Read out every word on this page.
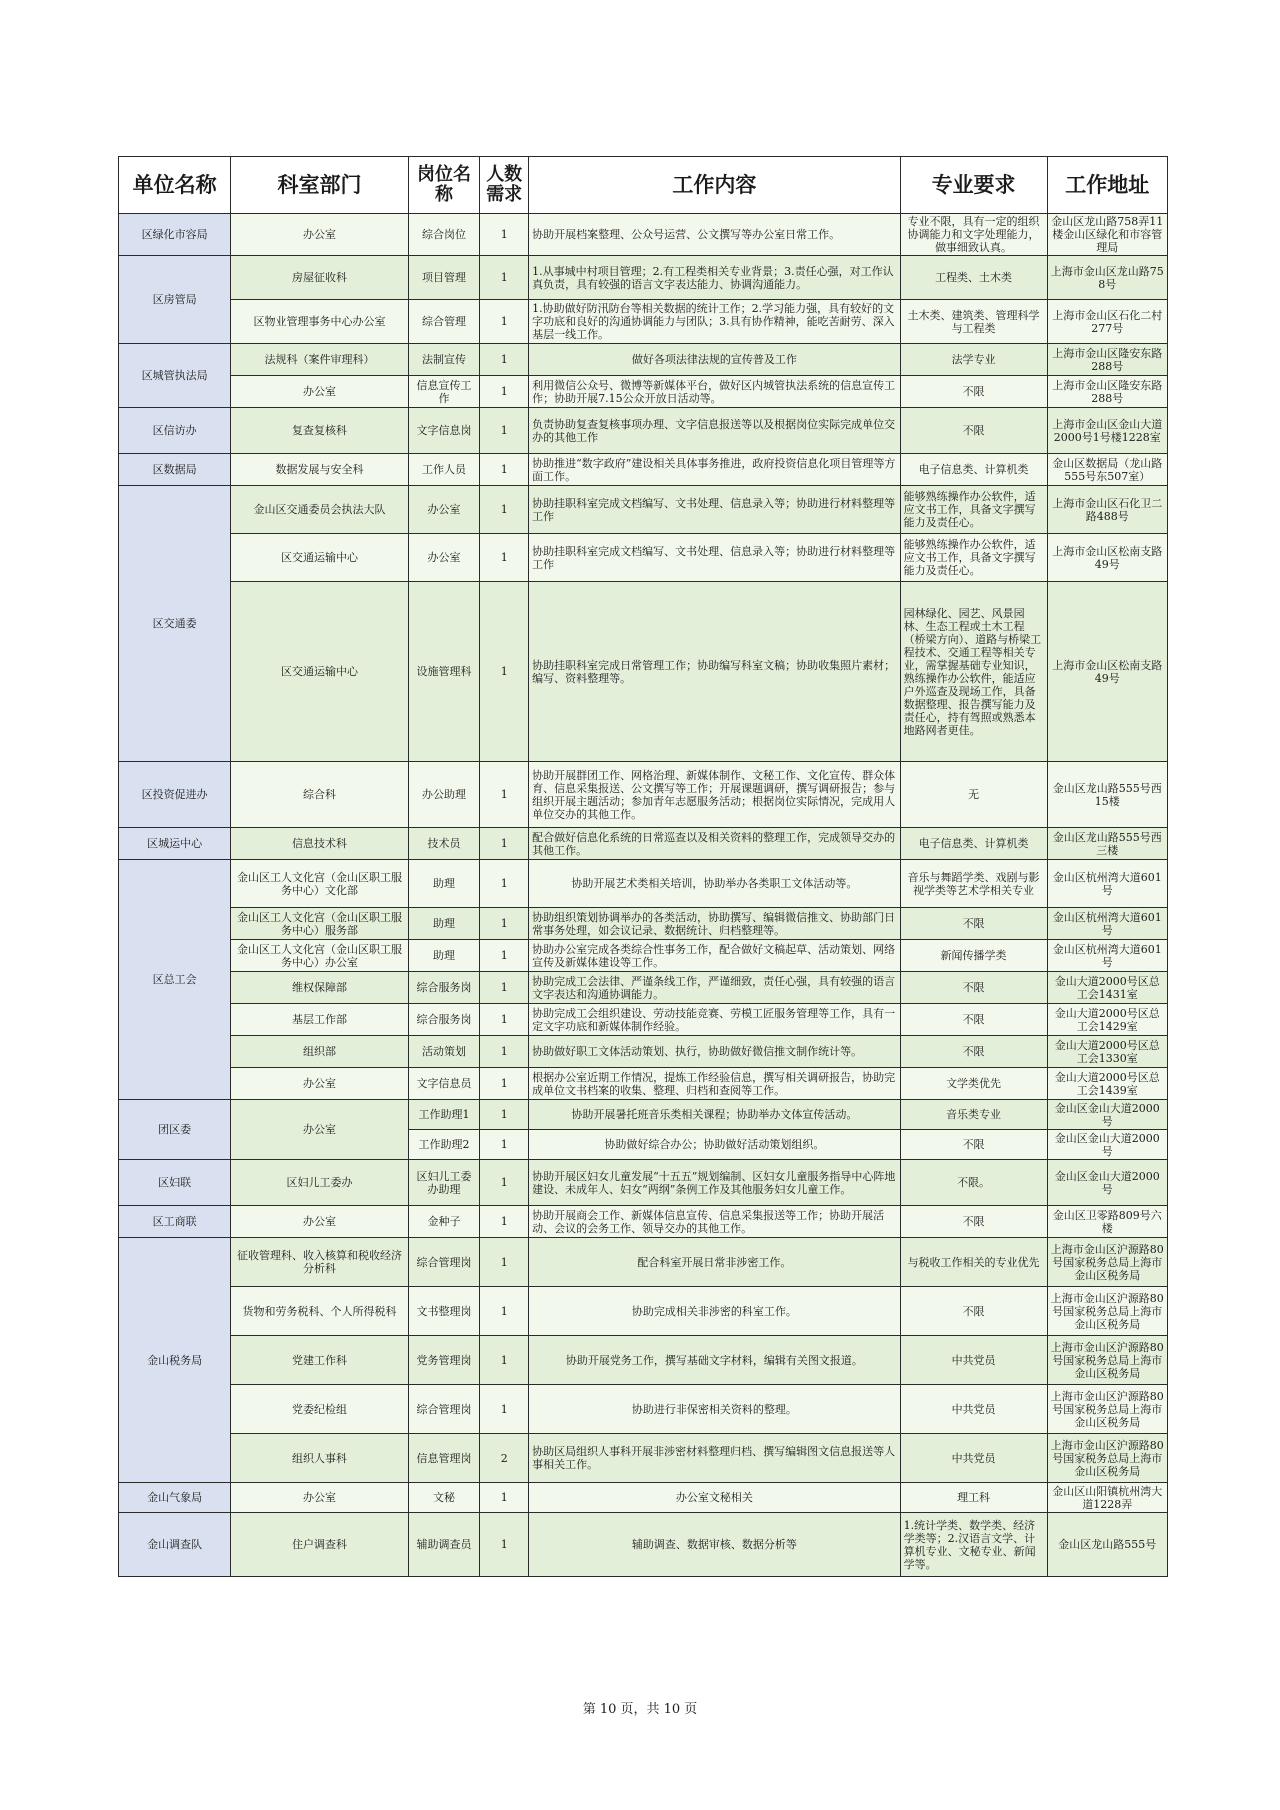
单位名称	科室部门	岗位名称	人数需求	工作内容	专业要求	工作地址
区绿化市容局	办公室	综合岗位	1	协助开展档案整理、公众号运营、公文撰写等办公室日常工作。	专业不限，具有一定的组织协调能力和文字处理能力，做事细致认真。	金山区龙山路758弄11楼金山区绿化和市容管理局
区房管局	房屋征收科	项目管理	1	1.从事城中村项目管理；2.有工程类相关专业背景；3.责任心强，对工作认真负责，具有较强的语言文字表达能力、协调沟通能力。	工程类、土木类	上海市金山区龙山路758号
	区物业管理事务中心办公室	综合管理	1	1.协助做好防汛防台等相关数据的统计工作；2.学习能力强，具有较好的文字功底和良好的沟通协调能力与团队；3.具有协作精神，能吃苦耐劳、深入基层一线工作。	土木类、建筑类、管理科学与工程类	上海市金山区石化二村277号
区城管执法局	法规科（案件审理科）	法制宣传	1	做好各项法律法规的宣传普及工作	法学专业	上海市金山区隆安东路288号
	办公室	信息宣传工作	1	利用微信公众号、微博等新媒体平台，做好区内城管执法系统的信息宣传工作；协助开展7.15公众开放日活动等。	不限	上海市金山区隆安东路288号
区信访办	复查复核科	文字信息岗	1	负责协助复查复核事项办理、文字信息报送等以及根据岗位实际完成单位交办的其他工作	不限	上海市金山区金山大道2000号1号楼1228室
区数据局	数据发展与安全科	工作人员	1	协助推进“数字政府”建设相关具体事务推进，政府投资信息化项目管理等方面工作。	电子信息类、计算机类	金山区数据局（龙山路555号东507室）
区交通委	金山区交通委员会执法大队	办公室	1	协助挂职科室完成文档编写、文书处理、信息录入等；协助进行材料整理等工作	能够熟练操作办公软件，适应文书工作，具备文字撰写能力及责任心。	上海市金山区石化卫二路488号
	区交通运输中心	办公室	1	协助挂职科室完成文档编写、文书处理、信息录入等；协助进行材料整理等工作	能够熟练操作办公软件，适应文书工作，具备文字撰写能力及责任心。	上海市金山区松南支路49号
	区交通运输中心	设施管理科	1	协助挂职科室完成日常管理工作；协助编写科室文稿；协助收集照片素材；编写、资料整理等。	园林绿化、园艺、风景园林、生态工程或土木工程（桥梁方向）、道路与桥梁工程技术、交通工程等相关专业，需掌握基础专业知识，熟练操作办公软件，能适应户外巡查及现场工作，具备数据整理、报告撰写能力及责任心，持有驾照或熟悉本地路网者更佳。	上海市金山区松南支路49号
区投资促进办	综合科	办公助理	1	协助开展群团工作、网格治理、新媒体制作、文秘工作、文化宣传、群众体育、信息采集报送、公文撰写等工作；开展课题调研，撰写调研报告；参与组织开展主题活动；参加青年志愿服务活动；根据岗位实际情况，完成用人单位交办的其他工作。	无	金山区龙山路555号西15楼
区城运中心	信息技术科	技术员	1	配合做好信息化系统的日常巡查以及相关资料的整理工作，完成领导交办的其他工作。	电子信息类、计算机类	金山区龙山路555号西三楼
区总工会	金山区工人文化宫（金山区职工服务中心）文化部	助理	1	协助开展艺术类相关培训，协助举办各类职工文体活动等。	音乐与舞蹈学类、戏剧与影视学类等艺术学相关专业	金山区杭州湾大道601号
	金山区工人文化宫（金山区职工服务中心）服务部	助理	1	协助组织策划协调举办的各类活动，协助撰写、编辑微信推文、协助部门日常事务处理，如会议记录、数据统计、归档整理等。	不限	金山区杭州湾大道601号
	金山区工人文化宫（金山区职工服务中心）办公室	助理	1	协助办公室完成各类综合性事务工作，配合做好文稿起草、活动策划、网络宣传及新媒体建设等工作。	新闻传播学类	金山区杭州湾大道601号
	维权保障部	综合服务岗	1	协助完成工会法律、严谨条线工作，严谨细致，责任心强，具有较强的语言文字表达和沟通协调能力。	不限	金山大道2000号区总工会1431室
	基层工作部	综合服务岗	1	协助完成工会组织建设、劳动技能竞赛、劳模工匠服务管理等工作，具有一定文字功底和新媒体制作经验。	不限	金山大道2000号区总工会1429室
	组织部	活动策划	1	协助做好职工文体活动策划、执行，协助做好微信推文制作统计等。	不限	金山大道2000号区总工会1330室
	办公室	文字信息员	1	根据办公室近期工作情况，提炼工作经验信息，撰写相关调研报告，协助完成单位文书档案的收集、整理、归档和查阅等工作。	文学类优先	金山大道2000号区总工会1439室
团区委	办公室	工作助理1	1	协助开展暑托班音乐类相关课程；协助举办文体宣传活动。	音乐类专业	金山区金山大道2000号
		工作助理2	1	协助做好综合办公；协助做好活动策划组织。	不限	金山区金山大道2000号
区妇联	区妇儿工委办	区妇儿工委办助理	1	协助开展区妇女儿童发展“十五五”规划编制、区妇女儿童服务指导中心阵地建设、未成年人、妇女“两纲”条例工作及其他服务妇女儿童工作。	不限。	金山区金山大道2000号
区工商联	办公室	金种子	1	协助开展商会工作、新媒体信息宣传、信息采集报送等工作；协助开展活动、会议的会务工作、领导交办的其他工作。	不限	金山区卫零路809号六楼
金山税务局	征收管理科、收入核算和税收经济分析科	综合管理岗	1	配合科室开展日常非涉密工作。	与税收工作相关的专业优先	上海市金山区沪源路80号国家税务总局上海市金山区税务局
	货物和劳务税科、个人所得税科	文书整理岗	1	协助完成相关非涉密的科室工作。	不限	上海市金山区沪源路80号国家税务总局上海市金山区税务局
	党建工作科	党务管理岗	1	协助开展党务工作，撰写基础文字材料，编辑有关图文报道。	中共党员	上海市金山区沪源路80号国家税务总局上海市金山区税务局
	党委纪检组	综合管理岗	1	协助进行非保密相关资料的整理。	中共党员	上海市金山区沪源路80号国家税务总局上海市金山区税务局
	组织人事科	信息管理岗	2	协助区局组织人事科开展非涉密材料整理归档、撰写编辑图文信息报送等人事相关工作。	中共党员	上海市金山区沪源路80号国家税务总局上海市金山区税务局
金山气象局	办公室	文秘	1	办公室文秘相关	理工科	金山区山阳镇杭州湾大道1228弄
金山调查队	住户调查科	辅助调查员	1	辅助调查、数据审核、数据分析等	1.统计学类、数学类、经济学类等；2.汉语言文学、计算机专业、文秘专业、新闻学等。	金山区龙山路555号
第 10 页，共 10 页
